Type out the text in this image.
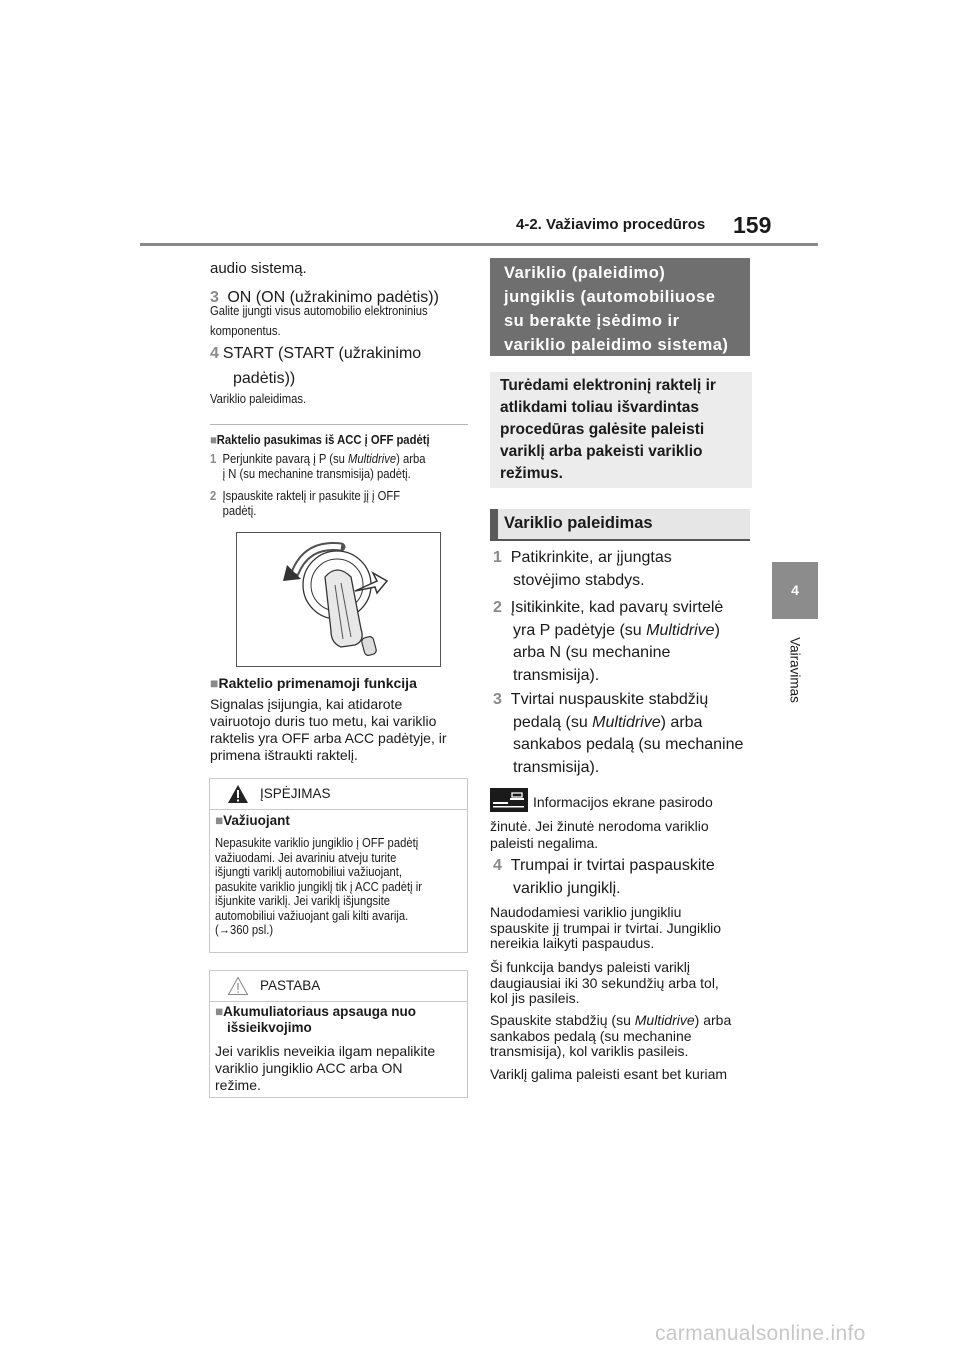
4-2. Važiavimo procedūros 159
4
Vairavimas
audio sistemą.
3 ON (ON (užrakinimo padėtis))
Galite įjungti visus automobilio elektroninius
komponentus.
4 START (START (užrakinimo
padėtis))
Variklio paleidimas.
■Raktelio pasukimas iš ACC į OFF padėtį
1 Perjunkite pavarą į P (su Multidrive) arba
į N (su mechanine transmisija) padėtį.
2 Įspauskite raktelį ir pasukite jį į OFF
padėtį.
■Raktelio primenamoji funkcija
Signalas įsijungia, kai atidarote
vairuotojo duris tuo metu, kai variklio
raktelis yra OFF arba ACC padėtyje, ir
primena ištraukti raktelį.
ĮSPĖJIMAS
■Važiuojant
Nepasukite variklio jungiklio į OFF padėtį
važiuodami. Jei avariniu atveju turite
išjungti variklį automobiliui važiuojant,
pasukite variklio jungiklį tik į ACC padėtį ir
išjunkite variklį. Jei variklį išjungsite
automobiliui važiuojant gali kilti avarija.
(→360 psl.)
PASTABA
■Akumuliatoriaus apsauga nuo
išsieikvojimo
Jei variklis neveikia ilgam nepalikite
variklio jungiklio ACC arba ON
režime.
Variklio (paleidimo)
jungiklis (automobiliuose
su berakte įsėdimo ir
variklio paleidimo sistema)
Turėdami elektroninį raktelį ir
atlikdami toliau išvardintas
procedūras galėsite paleisti
variklį arba pakeisti variklio
režimus.
Variklio paleidimas
1 Patikrinkite, ar įjungtas
stovėjimo stabdys.
2 Įsitikinkite, kad pavarų svirtelė
yra P padėtyje (su Multidrive)
arba N (su mechanine
transmisija).
3 Tvirtai nuspauskite stabdžių
pedalą (su Multidrive) arba
sankabos pedalą (su mechanine
transmisija).
Informacijos ekrane pasirodo
žinutė. Jei žinutė nerodoma variklio
paleisti negalima.
4 Trumpai ir tvirtai paspauskite
variklio jungiklį.
Naudodamiesi variklio jungikliu
spauskite jį trumpai ir tvirtai. Jungiklio
nereikia laikyti paspaudus.
Ši funkcija bandys paleisti variklį
daugiausiai iki 30 sekundžių arba tol,
kol jis pasileis.
Spauskite stabdžių (su Multidrive) arba
sankabos pedalą (su mechanine
transmisija), kol variklis pasileis.
Variklį galima paleisti esant bet kuriam
carmanualsonline.info
